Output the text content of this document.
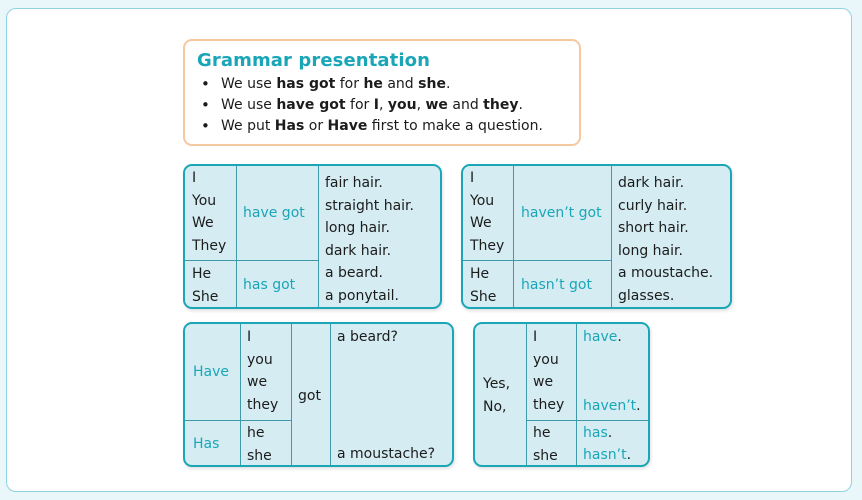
Grammar presentation
• We use has got for he and she.
• We use have got for I, you, we and they.
• We put Has or Have first to make a question.
I
You
We
They
have got
He
She
has got
fair hair.
straight hair.
long hair.
dark hair.
a beard.
a ponytail.
I
You
We
They
haven’t got
He
She
hasn’t got
dark hair.
curly hair.
short hair.
long hair.
a moustache.
glasses.
Have
I
you
we
they
Has
he
she
got
a beard?
a moustache?
Yes,
No,
I
you
we
they
have.
haven’t.
he
she
has.
hasn’t.
